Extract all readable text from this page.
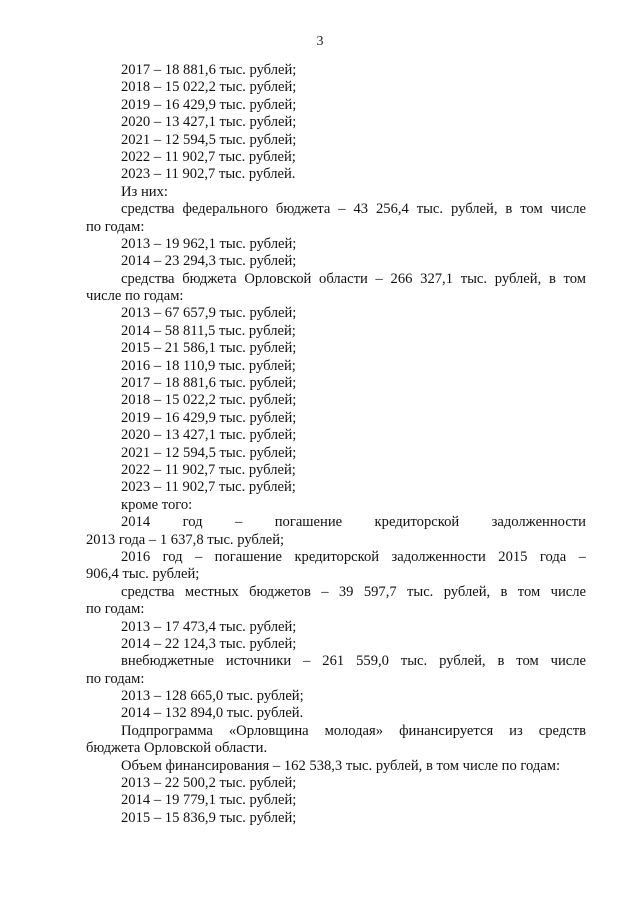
3
2017 – 18 881,6 тыс. рублей;
2018 – 15 022,2 тыс. рублей;
2019 – 16 429,9 тыс. рублей;
2020 – 13 427,1 тыс. рублей;
2021 – 12 594,5 тыс. рублей;
2022 – 11 902,7 тыс. рублей;
2023 – 11 902,7 тыс. рублей.
Из них:
средства федерального бюджета – 43 256,4 тыс. рублей, в том числе
по годам:
2013 – 19 962,1 тыс. рублей;
2014 – 23 294,3 тыс. рублей;
средства бюджета Орловской области – 266 327,1 тыс. рублей, в том
числе по годам:
2013 – 67 657,9 тыс. рублей;
2014 – 58 811,5 тыс. рублей;
2015 – 21 586,1 тыс. рублей;
2016 – 18 110,9 тыс. рублей;
2017 – 18 881,6 тыс. рублей;
2018 – 15 022,2 тыс. рублей;
2019 – 16 429,9 тыс. рублей;
2020 – 13 427,1 тыс. рублей;
2021 – 12 594,5 тыс. рублей;
2022 – 11 902,7 тыс. рублей;
2023 – 11 902,7 тыс. рублей;
кроме того:
2014 год – погашение кредиторской задолженности
2013 года – 1 637,8 тыс. рублей;
2016 год – погашение кредиторской задолженности 2015 года –
906,4 тыс. рублей;
средства местных бюджетов – 39 597,7 тыс. рублей, в том числе
по годам:
2013 – 17 473,4 тыс. рублей;
2014 – 22 124,3 тыс. рублей;
внебюджетные источники – 261 559,0 тыс. рублей, в том числе
по годам:
2013 – 128 665,0 тыс. рублей;
2014 – 132 894,0 тыс. рублей.
Подпрограмма «Орловщина молодая» финансируется из средств
бюджета Орловской области.
Объем финансирования – 162 538,3 тыс. рублей, в том числе по годам:
2013 – 22 500,2 тыс. рублей;
2014 – 19 779,1 тыс. рублей;
2015 – 15 836,9 тыс. рублей;
